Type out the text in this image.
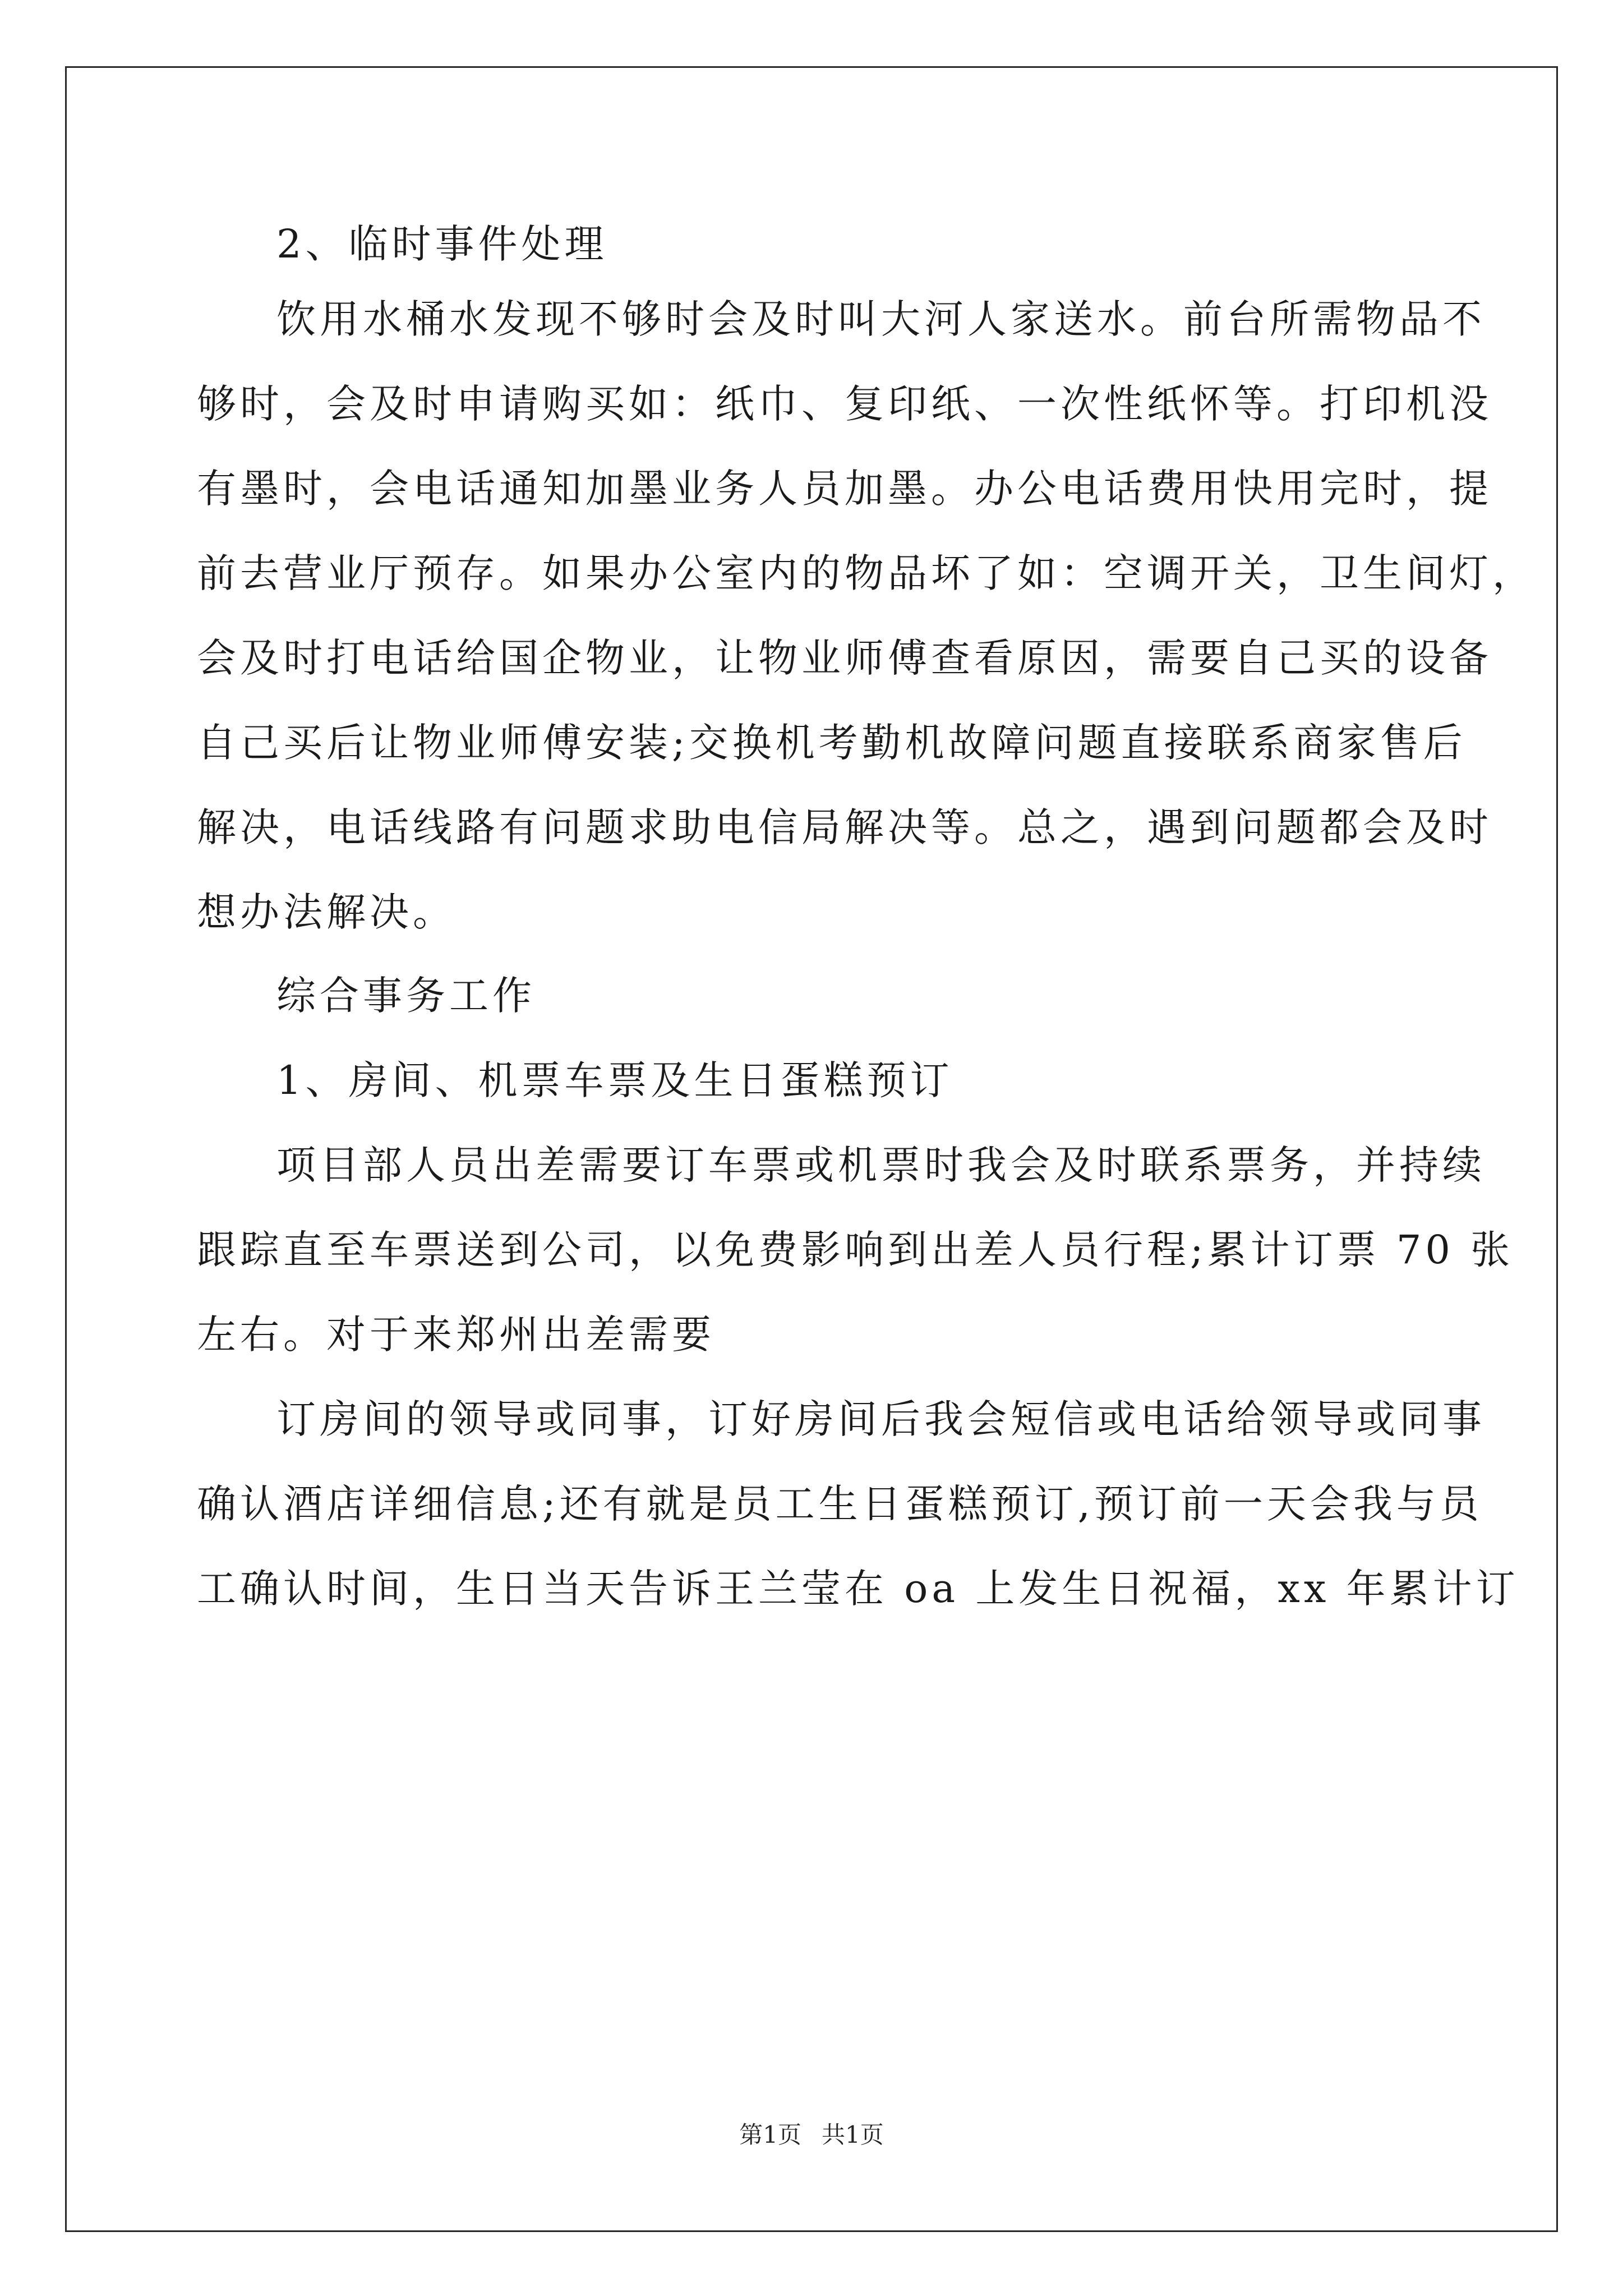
2、临时事件处理
饮用水桶水发现不够时会及时叫大河人家送水。前台所需物品不
够时，会及时申请购买如：纸巾、复印纸、一次性纸怀等。打印机没
有墨时，会电话通知加墨业务人员加墨。办公电话费用快用完时，提
前去营业厅预存。如果办公室内的物品坏了如：空调开关，卫生间灯，
会及时打电话给国企物业，让物业师傅查看原因，需要自己买的设备
自己买后让物业师傅安装;交换机考勤机故障问题直接联系商家售后
解决，电话线路有问题求助电信局解决等。总之，遇到问题都会及时
想办法解决。
综合事务工作
1、房间、机票车票及生日蛋糕预订
项目部人员出差需要订车票或机票时我会及时联系票务，并持续
跟踪直至车票送到公司，以免费影响到出差人员行程;累计订票 70 张
左右。对于来郑州出差需要
订房间的领导或同事，订好房间后我会短信或电话给领导或同事
确认酒店详细信息;还有就是员工生日蛋糕预订,预订前一天会我与员
工确认时间，生日当天告诉王兰莹在 oa 上发生日祝福，xx 年累计订
第1页 共1页
